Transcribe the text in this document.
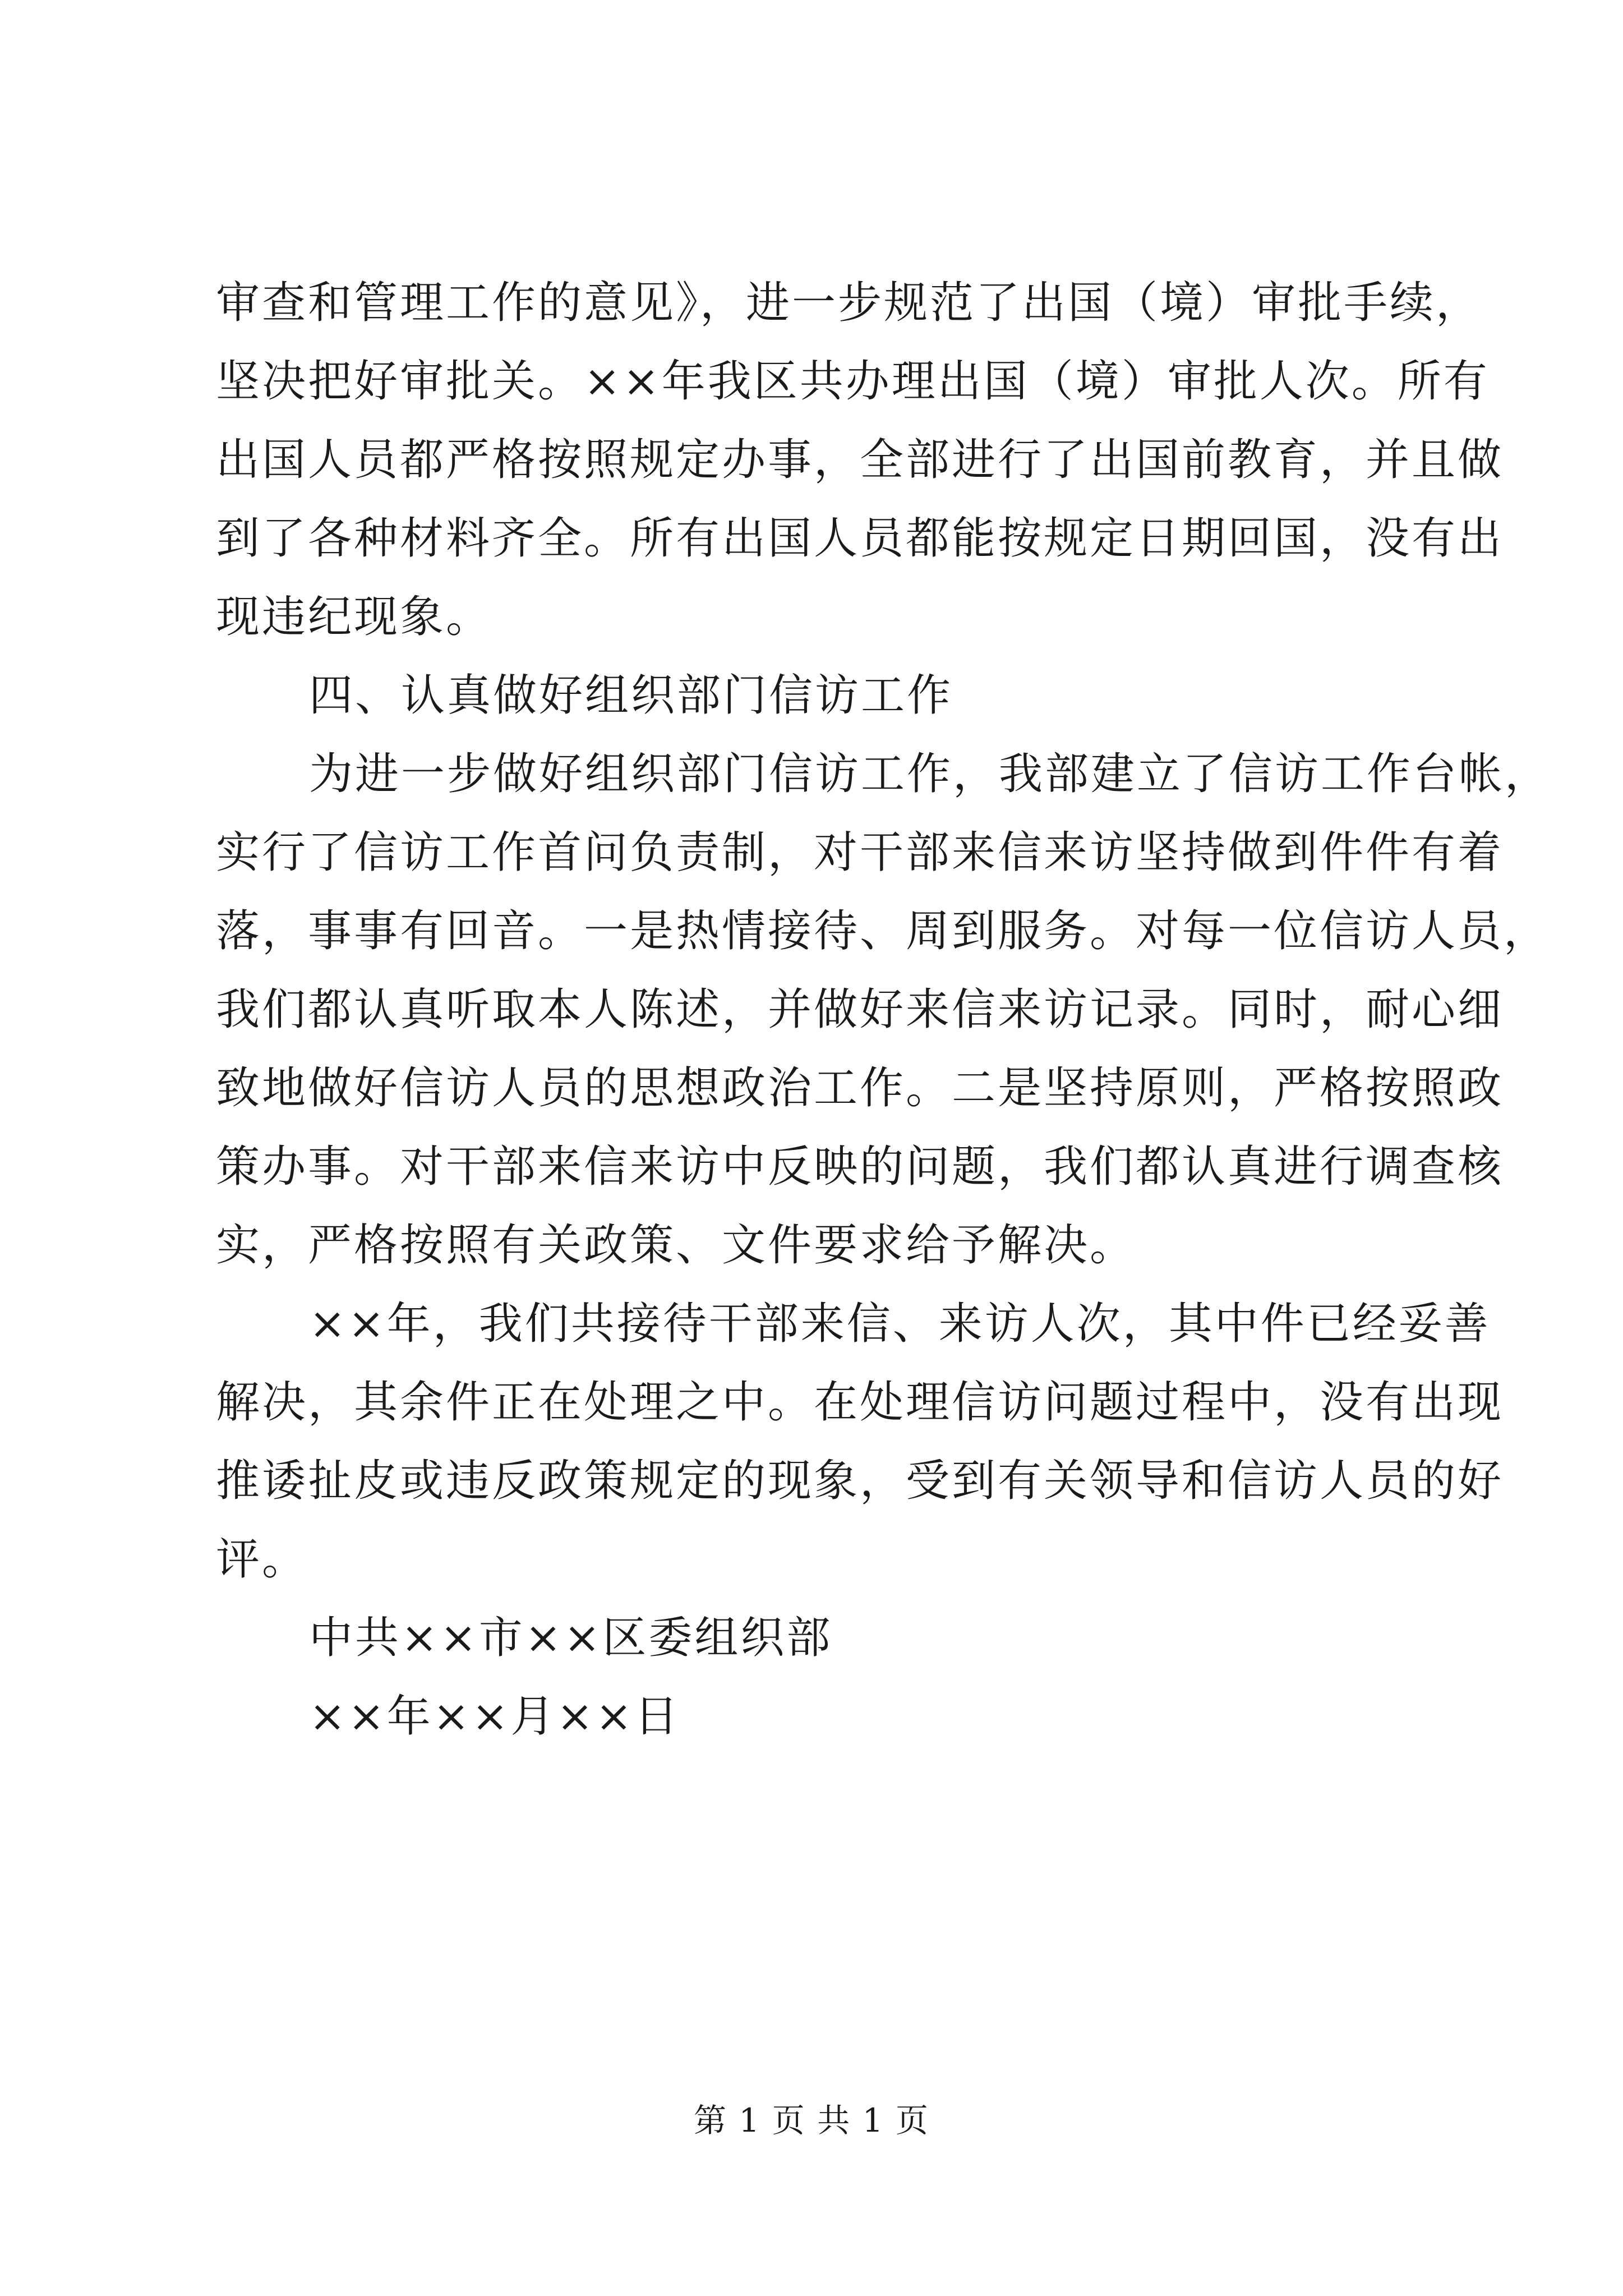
审查和管理工作的意见》，进一步规范了出国（境）审批手续，
坚决把好审批关。××年我区共办理出国（境）审批人次。所有
出国人员都严格按照规定办事，全部进行了出国前教育，并且做
到了各种材料齐全。所有出国人员都能按规定日期回国，没有出
现违纪现象。
四、认真做好组织部门信访工作
为进一步做好组织部门信访工作，我部建立了信访工作台帐，
实行了信访工作首问负责制，对干部来信来访坚持做到件件有着
落，事事有回音。一是热情接待、周到服务。对每一位信访人员，
我们都认真听取本人陈述，并做好来信来访记录。同时，耐心细
致地做好信访人员的思想政治工作。二是坚持原则，严格按照政
策办事。对干部来信来访中反映的问题，我们都认真进行调查核
实，严格按照有关政策、文件要求给予解决。
××年，我们共接待干部来信、来访人次，其中件已经妥善
解决，其余件正在处理之中。在处理信访问题过程中，没有出现
推诿扯皮或违反政策规定的现象，受到有关领导和信访人员的好
评。
中共××市××区委组织部
××年××月××日
第 1 页 共 1 页
